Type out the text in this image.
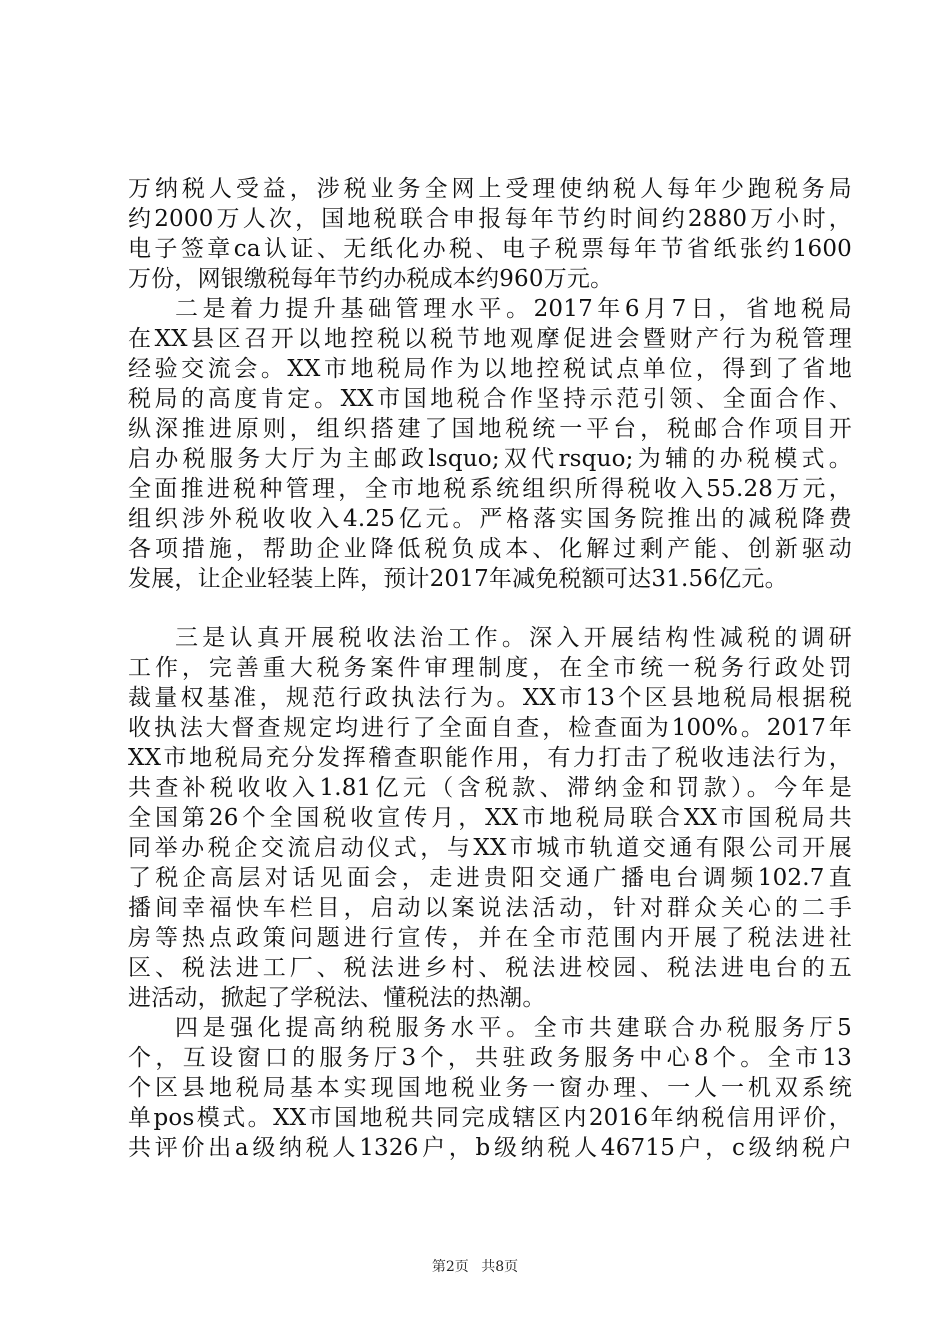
万纳税人受益，涉税业务全网上受理使纳税人每年少跑税务局
约2000万人次，国地税联合申报每年节约时间约2880万小时，
电子签章ca认证、无纸化办税、电子税票每年节省纸张约1600
万份，网银缴税每年节约办税成本约960万元。
二是着力提升基础管理水平。2017年6月7日，省地税局
在XX县区召开以地控税以税节地观摩促进会暨财产行为税管理
经验交流会。XX市地税局作为以地控税试点单位，得到了省地
税局的高度肯定。XX市国地税合作坚持示范引领、全面合作、
纵深推进原则，组织搭建了国地税统一平台，税邮合作项目开
启办税服务大厅为主邮政lsquo;双代rsquo;为辅的办税模式。
全面推进税种管理，全市地税系统组织所得税收入55.28万元，
组织涉外税收收入4.25亿元。严格落实国务院推出的减税降费
各项措施，帮助企业降低税负成本、化解过剩产能、创新驱动
发展，让企业轻装上阵，预计2017年减免税额可达31.56亿元。
三是认真开展税收法治工作。深入开展结构性减税的调研
工作，完善重大税务案件审理制度，在全市统一税务行政处罚
裁量权基准，规范行政执法行为。XX市13个区县地税局根据税
收执法大督查规定均进行了全面自查，检查面为100%。2017年
XX市地税局充分发挥稽查职能作用，有力打击了税收违法行为，
共查补税收收入1.81亿元（含税款、滞纳金和罚款）。今年是
全国第26个全国税收宣传月，XX市地税局联合XX市国税局共
同举办税企交流启动仪式，与XX市城市轨道交通有限公司开展
了税企高层对话见面会，走进贵阳交通广播电台调频102.7直
播间幸福快车栏目，启动以案说法活动，针对群众关心的二手
房等热点政策问题进行宣传，并在全市范围内开展了税法进社
区、税法进工厂、税法进乡村、税法进校园、税法进电台的五
进活动，掀起了学税法、懂税法的热潮。
四是强化提高纳税服务水平。全市共建联合办税服务厅5
个，互设窗口的服务厅3个，共驻政务服务中心8个。全市13
个区县地税局基本实现国地税业务一窗办理、一人一机双系统
单pos模式。XX市国地税共同完成辖区内2016年纳税信用评价，
共评价出a级纳税人1326户，b级纳税人46715户，c级纳税户
第2页 共8页
